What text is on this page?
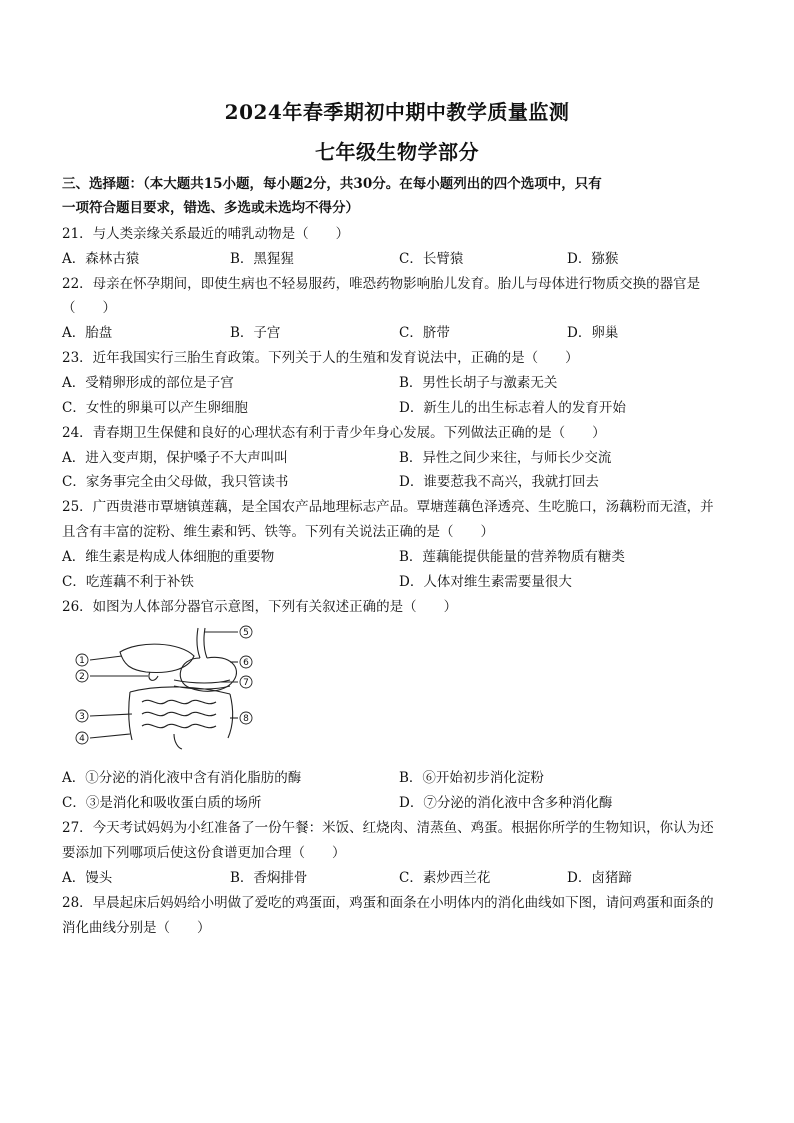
2024年春季期初中期中教学质量监测
七年级生物学部分
三、选择题：（本大题共15小题，每小题2分，共30分。在每小题列出的四个选项中，只有
一项符合题目要求，错选、多选或未选均不得分）
21．与人类亲缘关系最近的哺乳动物是（　　）
A．森林古猿	B．黑猩猩	C．长臂猿	D．猕猴
22．母亲在怀孕期间，即使生病也不轻易服药，唯恐药物影响胎儿发育。胎儿与母体进行物质交换的器官是
（　　）
A．胎盘	B．子宫	C．脐带	D．卵巢
23．近年我国实行三胎生育政策。下列关于人的生殖和发育说法中，正确的是（　　）
A．受精卵形成的部位是子宫	B．男性长胡子与激素无关
C．女性的卵巢可以产生卵细胞	D．新生儿的出生标志着人的发育开始
24．青春期卫生保健和良好的心理状态有利于青少年身心发展。下列做法正确的是（　　）
A．进入变声期，保护嗓子不大声叫叫	B．异性之间少来往，与师长少交流
C．家务事完全由父母做，我只管读书	D．谁要惹我不高兴，我就打回去
25．广西贵港市覃塘镇莲藕，是全国农产品地理标志产品。覃塘莲藕色泽透亮、生吃脆口，汤藕粉而无渣，并
且含有丰富的淀粉、维生素和钙、铁等。下列有关说法正确的是（　　）
A．维生素是构成人体细胞的重要物	B．莲藕能提供能量的营养物质有糖类
C．吃莲藕不利于补铁	D．人体对维生素需要量很大
26．如图为人体部分器官示意图，下列有关叙述正确的是（　　）
1
2
3
4
5
6
7
8
A．①分泌的消化液中含有消化脂肪的酶	B．⑥开始初步消化淀粉
C．③是消化和吸收蛋白质的场所	D．⑦分泌的消化液中含多种消化酶
27．今天考试妈妈为小红准备了一份午餐：米饭、红烧肉、清蒸鱼、鸡蛋。根据你所学的生物知识，你认为还
要添加下列哪项后使这份食谱更加合理（　　）
A．馒头	B．香焖排骨	C．素炒西兰花	D．卤猪蹄
28．早晨起床后妈妈给小明做了爱吃的鸡蛋面，鸡蛋和面条在小明体内的消化曲线如下图，请问鸡蛋和面条的
消化曲线分别是（　　）
